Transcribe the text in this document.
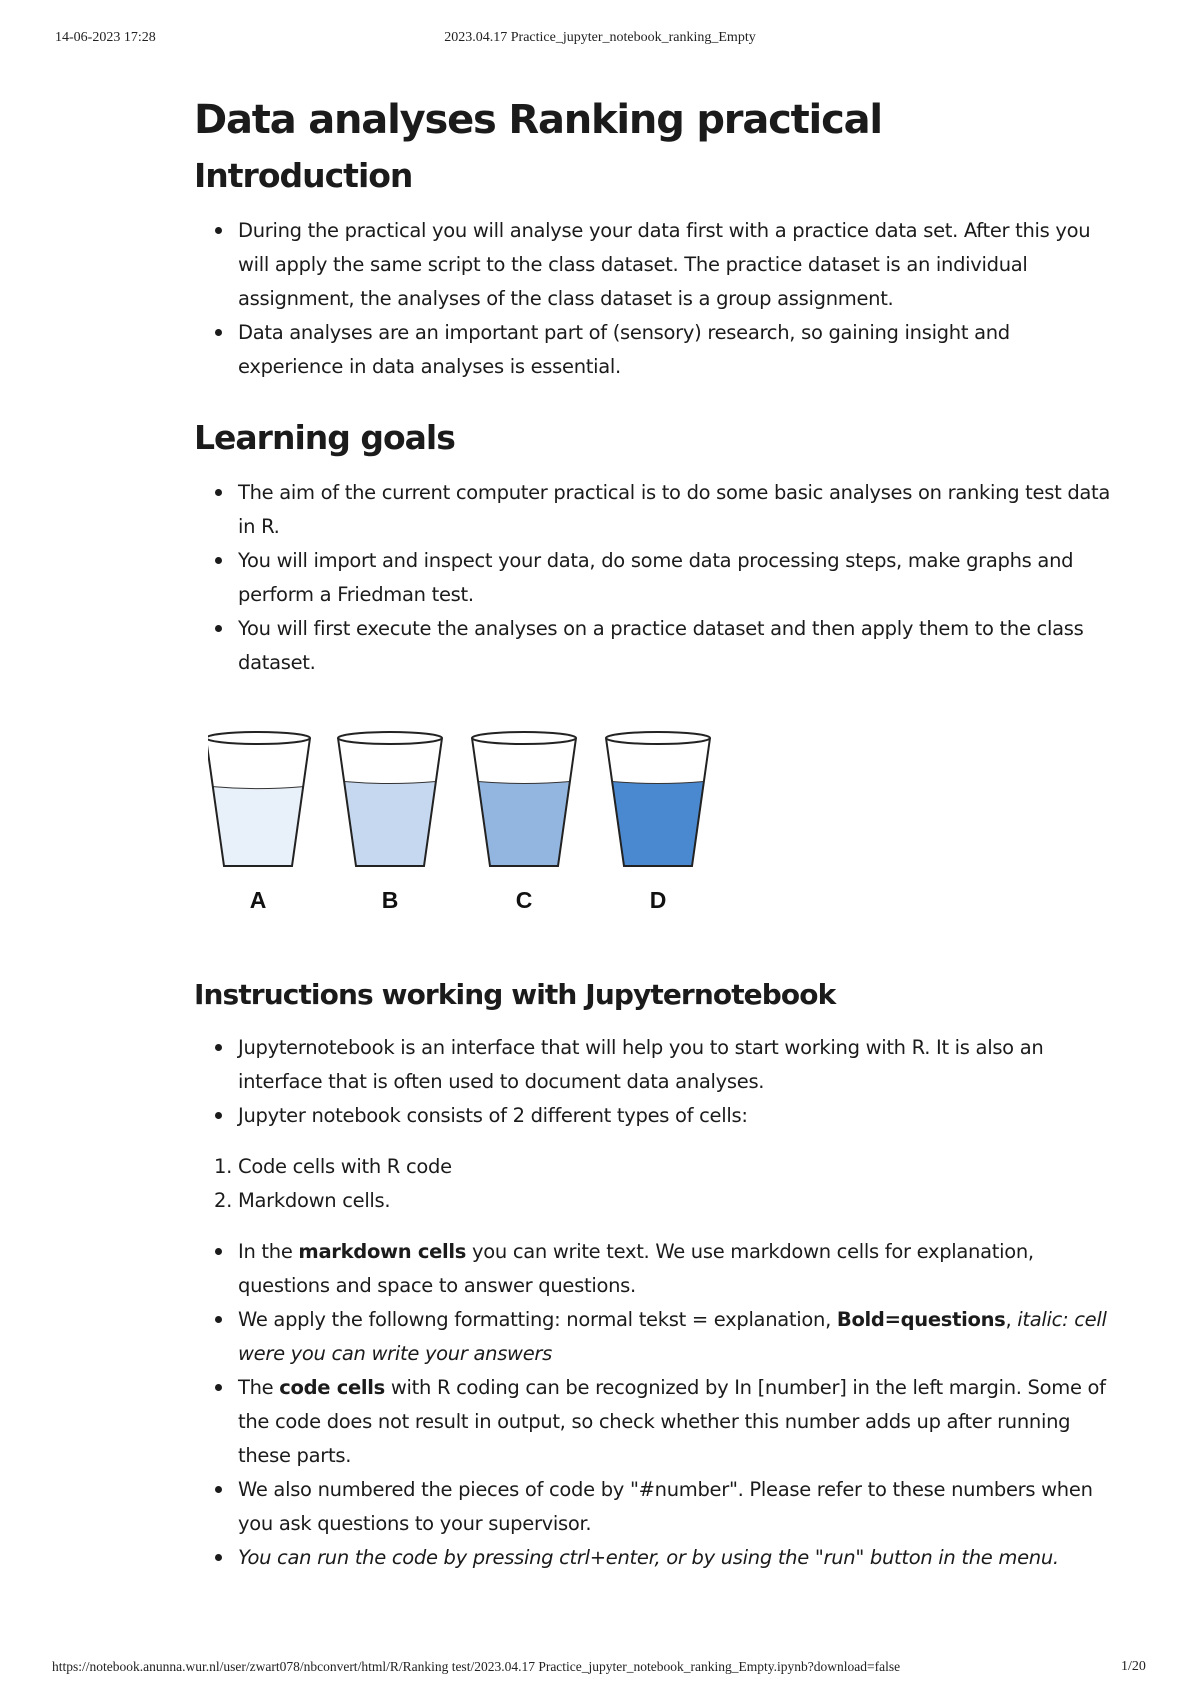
14-06-2023 17:28	2023.04.17 Practice_jupyter_notebook_ranking_Empty
Data analyses Ranking practical
Introduction
During the practical you will analyse your data first with a practice data set. After this you will apply the same script to the class dataset. The practice dataset is an individual assignment, the analyses of the class dataset is a group assignment.
Data analyses are an important part of (sensory) research, so gaining insight and experience in data analyses is essential.
Learning goals
The aim of the current computer practical is to do some basic analyses on ranking test data in R.
You will import and inspect your data, do some data processing steps, make graphs and perform a Friedman test.
You will first execute the analyses on a practice dataset and then apply them to the class dataset.
A	B	C	D
Instructions working with Jupyternotebook
Jupyternotebook is an interface that will help you to start working with R. It is also an interface that is often used to document data analyses.
Jupyter notebook consists of 2 different types of cells:
1. Code cells with R code
2. Markdown cells.
In the markdown cells you can write text. We use markdown cells for explanation, questions and space to answer questions.
We apply the followng formatting: normal tekst = explanation, Bold=questions, italic: cell were you can write your answers
The code cells with R coding can be recognized by In [number] in the left margin. Some of the code does not result in output, so check whether this number adds up after running these parts.
We also numbered the pieces of code by "#number". Please refer to these numbers when you ask questions to your supervisor.
You can run the code by pressing ctrl+enter, or by using the "run" button in the menu.
https://notebook.anunna.wur.nl/user/zwart078/nbconvert/html/R/Ranking test/2023.04.17 Practice_jupyter_notebook_ranking_Empty.ipynb?download=false	1/20
